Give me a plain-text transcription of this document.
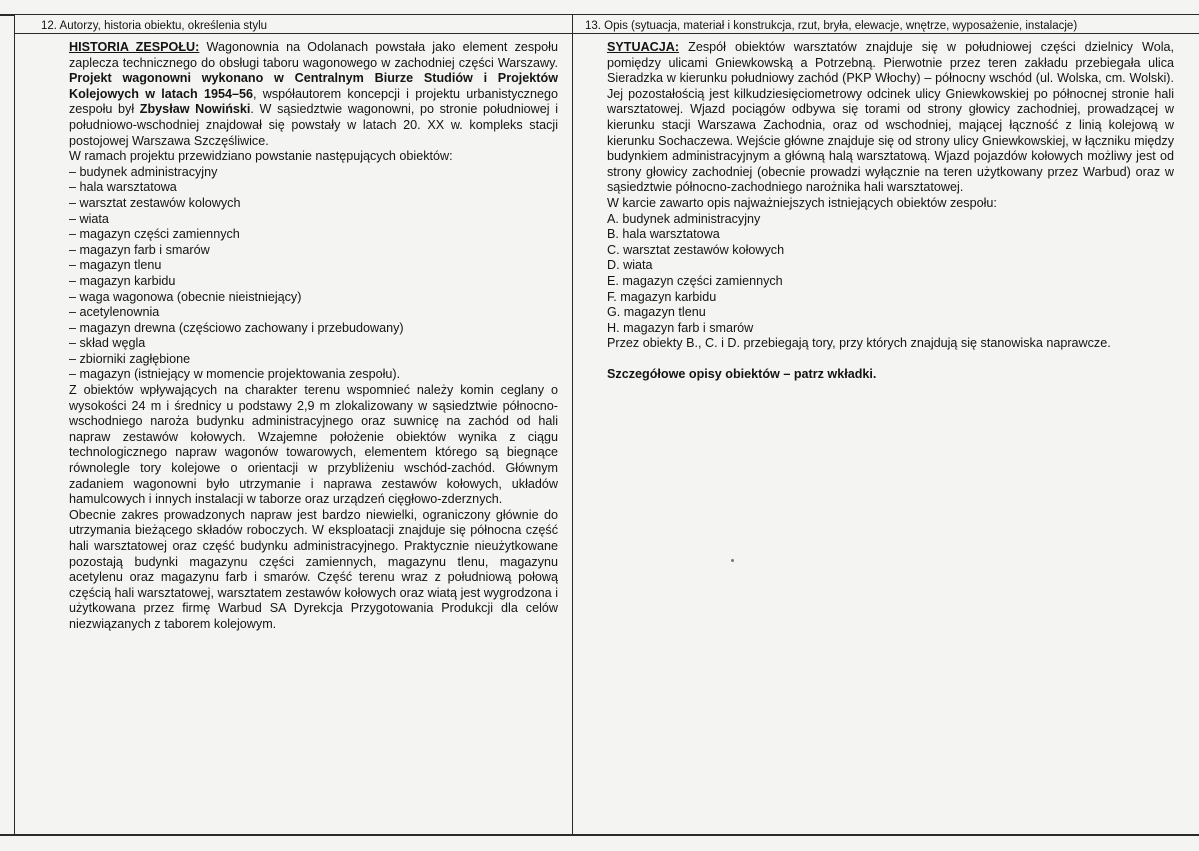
12. Autorzy, historia obiektu, określenia stylu

HISTORIA ZESPOŁU: Wagonownia na Odolanach powstała jako element zespołu zaplecza technicznego do obsługi taboru wagonowego w zachodniej części Warszawy. Projekt wagonowni wykonano w Centralnym Biurze Studiów i Projektów Kolejowych w latach 1954–56, współautorem koncepcji i projektu urbanistycznego zespołu był Zbysław Nowiński. W sąsiedztwie wagonowni, po stronie południowej i południowo-wschodniej znajdował się powstały w latach 20. XX w. kompleks stacji postojowej Warszawa Szczęśliwice.

W ramach projektu przewidziano powstanie następujących obiektów:

– budynek administracyjny
– hala warsztatowa
– warsztat zestawów kolowych
– wiata
– magazyn części zamiennych
– magazyn farb i smarów
– magazyn tlenu
– magazyn karbidu
– waga wagonowa (obecnie nieistniejący)
– acetylenownia
– magazyn drewna (częściowo zachowany i przebudowany)
– skład węgla
– zbiorniki zagłębione
– magazyn (istniejący w momencie projektowania zespołu).

Z obiektów wpływających na charakter terenu wspomnieć należy komin ceglany o wysokości 24 m i średnicy u podstawy 2,9 m zlokalizowany w sąsiedztwie północno-wschodniego naroża budynku administracyjnego oraz suwnicę na zachód od hali napraw zestawów kołowych. Wzajemne położenie obiektów wynika z ciągu technologicznego napraw wagonów towarowych, elementem którego są biegnące równolegle tory kolejowe o orientacji w przybliżeniu wschód-zachód. Głównym zadaniem wagonowni było utrzymanie i naprawa zestawów kołowych, układów hamulcowych i innych instalacji w taborze oraz urządzeń cięgłowo-zderznych.

Obecnie zakres prowadzonych napraw jest bardzo niewielki, ograniczony głównie do utrzymania bieżącego składów roboczych. W eksploatacji znajduje się północna część hali warsztatowej oraz część budynku administracyjnego. Praktycznie nieużytkowane pozostają budynki magazynu części zamiennych, magazynu tlenu, magazynu acetylenu oraz magazynu farb i smarów. Część terenu wraz z południową połową częścią hali warsztatowej, warsztatem zestawów kołowych oraz wiatą jest wygrodzona i użytkowana przez firmę Warbud SA Dyrekcja Przygotowania Produkcji dla celów niezwiązanych z taborem kolejowym.

13. Opis (sytuacja, materiał i konstrukcja, rzut, bryła, elewacje, wnętrze, wyposażenie, instalacje)

SYTUACJA: Zespół obiektów warsztatów znajduje się w południowej części dzielnicy Wola, pomiędzy ulicami Gniewkowską a Potrzebną. Pierwotnie przez teren zakładu przebiegała ulica Sieradzka w kierunku południowy zachód (PKP Włochy) – północny wschód (ul. Wolska, cm. Wolski). Jej pozostałością jest kilkudziesięciometrowy odcinek ulicy Gniewkowskiej po północnej stronie hali warsztatowej. Wjazd pociągów odbywa się torami od strony głowicy zachodniej, prowadzącej w kierunku stacji Warszawa Zachodnia, oraz od wschodniej, mającej łączność z linią kolejową w kierunku Sochaczewa. Wejście główne znajduje się od strony ulicy Gniewkowskiej, w łączniku między budynkiem administracyjnym a główną halą warsztatową. Wjazd pojazdów kołowych możliwy jest od strony głowicy zachodniej (obecnie prowadzi wyłącznie na teren użytkowany przez Warbud) oraz w sąsiedztwie północno-zachodniego narożnika hali warsztatowej.

W karcie zawarto opis najważniejszych istniejących obiektów zespołu:

A. budynek administracyjny
B. hala warsztatowa
C. warsztat zestawów kołowych
D. wiata
E. magazyn części zamiennych
F. magazyn karbidu
G. magazyn tlenu
H. magazyn farb i smarów

Przez obiekty B., C. i D. przebiegają tory, przy których znajdują się stanowiska naprawcze.

Szczegółowe opisy obiektów – patrz wkładki.
